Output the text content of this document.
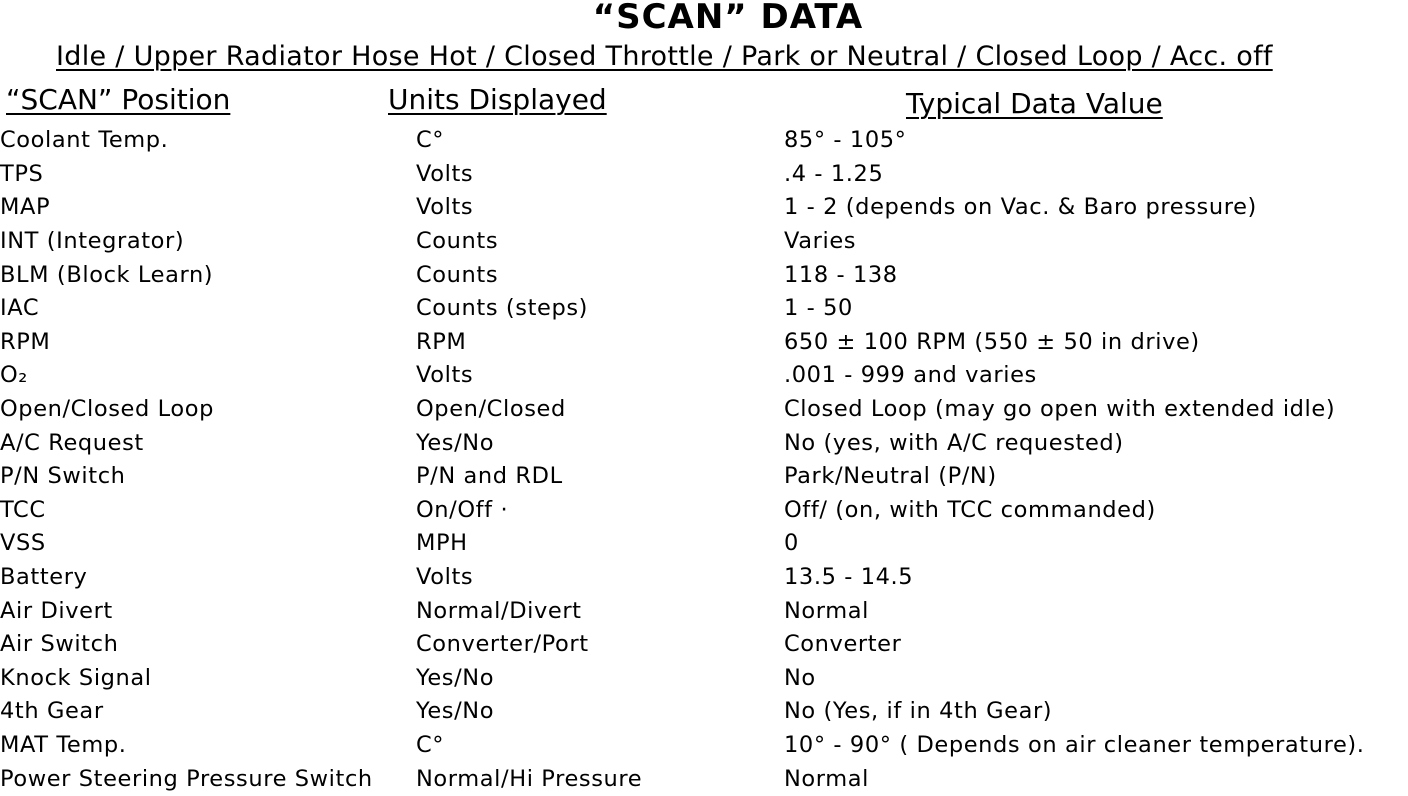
“SCAN” DATA
Idle / Upper Radiator Hose Hot / Closed Throttle / Park or Neutral / Closed Loop / Acc. off
“SCAN” Position	Units Displayed	Typical Data Value
Coolant Temp.	C°	85° - 105°
TPS	Volts	.4 - 1.25
MAP	Volts	1 - 2 (depends on Vac. & Baro pressure)
INT (Integrator)	Counts	Varies
BLM (Block Learn)	Counts	118 - 138
IAC	Counts (steps)	1 - 50
RPM	RPM	650 ± 100 RPM (550 ± 50 in drive)
O₂	Volts	.001 - 999 and varies
Open/Closed Loop	Open/Closed	Closed Loop (may go open with extended idle)
A/C Request	Yes/No	No (yes, with A/C requested)
P/N Switch	P/N and RDL	Park/Neutral (P/N)
TCC	On/Off ·	Off/ (on, with TCC commanded)
VSS	MPH	0
Battery	Volts	13.5 - 14.5
Air Divert	Normal/Divert	Normal
Air Switch	Converter/Port	Converter
Knock Signal	Yes/No	No
4th Gear	Yes/No	No (Yes, if in 4th Gear)
MAT Temp.	C°	10° - 90° ( Depends on air cleaner temperature).
Power Steering Pressure Switch	Normal/Hi Pressure	Normal
